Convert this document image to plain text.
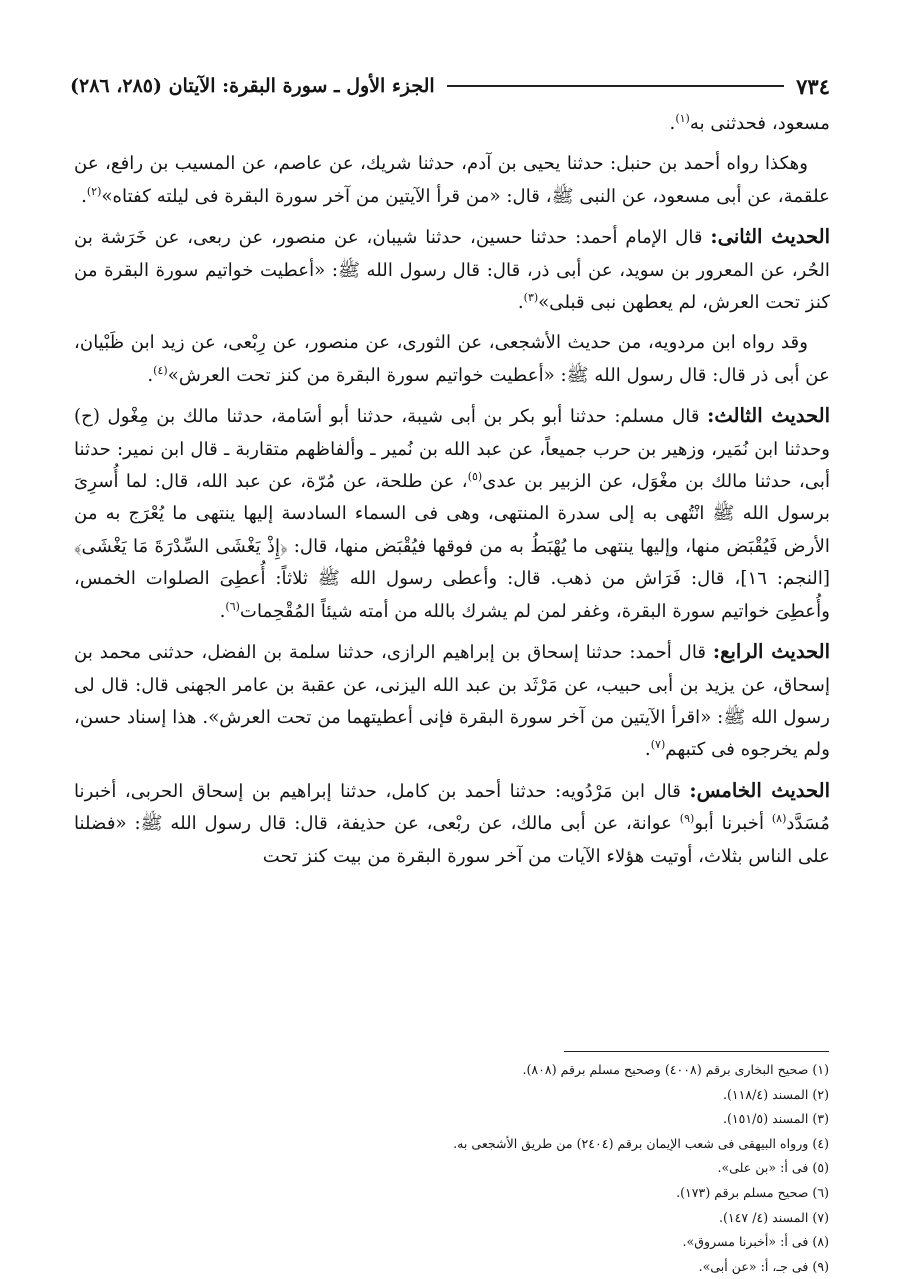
٧٣٤
الجزء الأول ـ سورة البقرة: الآيتان (٢٨٥، ٢٨٦)

مسعود، فحدثنى به$^{(١)}$.

وهكذا رواه أحمد بن حنبل: حدثنا يحيى بن آدم، حدثنا شريك، عن عاصم، عن المسيب بن رافع، عن علقمة، عن أبى مسعود، عن النبى ﷺ، قال: «من قرأ الآيتين من آخر سورة البقرة فى ليلته كفتاه»$^{(٢)}$.

الحديث الثانى: قال الإمام أحمد: حدثنا حسين، حدثنا شيبان، عن منصور، عن ربعى، عن خَرَشة بن الحُر، عن المعرور بن سويد، عن أبى ذر، قال: قال رسول الله ﷺ: «أعطيت خواتيم سورة البقرة من كنز تحت العرش، لم يعطهن نبى قبلى»$^{(٣)}$.

وقد رواه ابن مردويه، من حديث الأشجعى، عن الثورى، عن منصور، عن رِبْعى، عن زيد ابن ظَبْيان، عن أبى ذر قال: قال رسول الله ﷺ: «أعطيت خواتيم سورة البقرة من كنز تحت العرش»$^{(٤)}$.

الحديث الثالث: قال مسلم: حدثنا أبو بكر بن أبى شيبة، حدثنا أبو أسَامة، حدثنا مالك بن مِغْول (ح) وحدثنا ابن نُمَير، وزهير بن حرب جميعاً، عن عبد الله بن نُمير ـ وألفاظهم متقاربة ـ قال ابن نمير: حدثنا أبى، حدثنا مالك بن مغْوَل، عن الزبير بن عدى$^{(٥)}$، عن طلحة، عن مُرّة، عن عبد الله، قال: لما أُسرِىَ برسول الله ﷺ انْتُهى به إلى سدرة المنتهى، وهى فى السماء السادسة إليها ينتهى ما يُعْرَج به من الأرض فَيُقْبَض منها، وإليها ينتهى ما يُهْبَطُ به من فوقها فيُقْبَض منها، قال: ﴿إِذْ يَغْشَى السِّدْرَةَ مَا يَغْشَى﴾ [النجم: ١٦]، قال: فَرَاش من ذهب. قال: وأعطى رسول الله ﷺ ثلاثاً: أُعطِىَ الصلوات الخمس، وأُعطِىَ خواتيم سورة البقرة، وغفر لمن لم يشرك بالله من أمته شيئاً المُقْحِمات$^{(٦)}$.

الحديث الرابع: قال أحمد: حدثنا إسحاق بن إبراهيم الرازى، حدثنا سلمة بن الفضل، حدثنى محمد بن إسحاق، عن يزيد بن أبى حبيب، عن مَرْثَد بن عبد الله اليزنى، عن عقبة بن عامر الجهنى قال: قال لى رسول الله ﷺ: «اقرأ الآيتين من آخر سورة البقرة فإنى أعطيتهما من تحت العرش». هذا إسناد حسن، ولم يخرجوه فى كتبهم$^{(٧)}$.

الحديث الخامس: قال ابن مَرْدُويه: حدثنا أحمد بن كامل، حدثنا إبراهيم بن إسحاق الحربى، أخبرنا مُسَدَّد$^{(٨)}$ أخبرنا أبو$^{(٩)}$ عوانة، عن أبى مالك، عن ربْعى، عن حذيفة، قال: قال رسول الله ﷺ: «فضلنا على الناس بثلاث، أوتيت هؤلاء الآيات من آخر سورة البقرة من بيت كنز تحت

(١) صحيح البخارى برقم (٤٠٠٨) وصحيح مسلم برقم (٨٠٨).

(٢) المسند (١١٨/٤).

(٣) المسند (١٥١/٥).

(٤) ورواه البيهقى فى شعب الإيمان برقم (٢٤٠٤) من طريق الأشجعى به.

(٥) فى أ: «بن على».

(٦) صحيح مسلم برقم (١٧٣).

(٧) المسند (٤/ ١٤٧).

(٨) فى أ: «أخبرنا مسروق».

(٩) فى جـ، أ: «عن أبى».
